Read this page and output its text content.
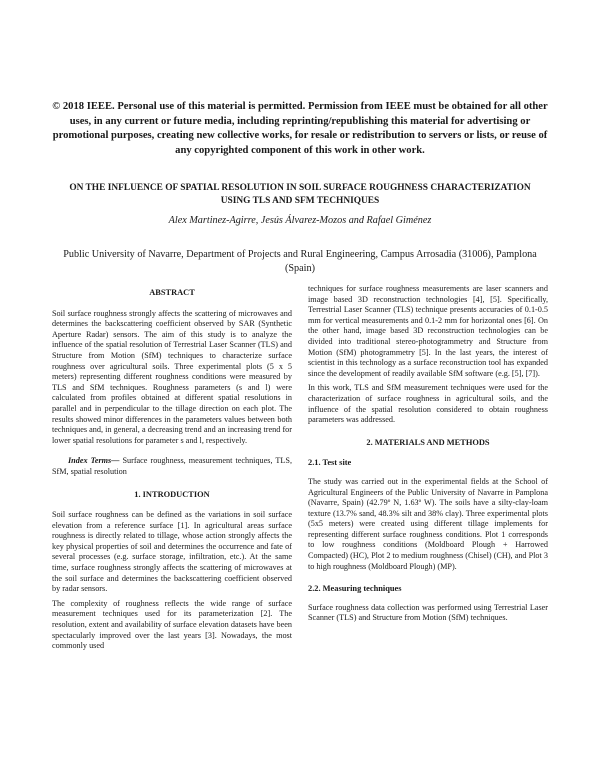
© 2018 IEEE. Personal use of this material is permitted. Permission from IEEE must be obtained for all other uses, in any current or future media, including reprinting/republishing this material for advertising or promotional purposes, creating new collective works, for resale or redistribution to servers or lists, or reuse of any copyrighted component of this work in other work.
ON THE INFLUENCE OF SPATIAL RESOLUTION IN SOIL SURFACE ROUGHNESS CHARACTERIZATION USING TLS AND SFM TECHNIQUES
Alex Martinez-Agirre, Jesús Álvarez-Mozos and Rafael Giménez
Public University of Navarre, Department of Projects and Rural Engineering, Campus Arrosadia (31006), Pamplona (Spain)
ABSTRACT

Soil surface roughness strongly affects the scattering of microwaves and determines the backscattering coefficient observed by SAR (Synthetic Aperture Radar) sensors. The aim of this study is to analyze the influence of the spatial resolution of Terrestrial Laser Scanner (TLS) and Structure from Motion (SfM) techniques to characterize surface roughness over agricultural soils. Three experimental plots (5 x 5 meters) representing different roughness conditions were measured by TLS and SfM techniques. Roughness parameters (s and l) were calculated from profiles obtained at different spatial resolutions in parallel and in perpendicular to the tillage direction on each plot. The results showed minor differences in the parameters values between both techniques and, in general, a decreasing trend and an increasing trend for lower spatial resolutions for parameter s and l, respectively.

Index Terms— Surface roughness, measurement techniques, TLS, SfM, spatial resolution

1. INTRODUCTION

Soil surface roughness can be defined as the variations in soil surface elevation from a reference surface [1]. In agricultural areas surface roughness is directly related to tillage, whose action strongly affects the key physical properties of soil and determines the occurrence and fate of several processes (e.g. surface storage, infiltration, etc.). At the same time, surface roughness strongly affects the scattering of microwaves at the soil surface and determines the backscattering coefficient observed by radar sensors.

The complexity of roughness reflects the wide range of surface measurement techniques used for its parameterization [2]. The resolution, extent and availability of surface elevation datasets have been spectacularly improved over the last years [3]. Nowadays, the most commonly used

techniques for surface roughness measurements are laser scanners and image based 3D reconstruction technologies [4], [5]. Specifically, Terrestrial Laser Scanner (TLS) technique presents accuracies of 0.1-0.5 mm for vertical measurements and 0.1-2 mm for horizontal ones [6]. On the other hand, image based 3D reconstruction technologies can be divided into traditional stereo-photogrammetry and Structure from Motion (SfM) photogrammetry [5]. In the last years, the interest of scientist in this technology as a surface reconstruction tool has expanded since the development of readily available SfM software (e.g. [5], [7]).

In this work, TLS and SfM measurement techniques were used for the characterization of surface roughness in agricultural soils, and the influence of the spatial resolution considered to obtain roughness parameters was addressed.

2. MATERIALS AND METHODS
2.1. Test site

The study was carried out in the experimental fields at the School of Agricultural Engineers of the Public University of Navarre in Pamplona (Navarre, Spain) (42.79º N, 1.63º W). The soils have a silty-clay-loam texture (13.7% sand, 48.3% silt and 38% clay). Three experimental plots (5x5 meters) were created using different tillage implements for representing different surface roughness conditions. Plot 1 corresponds to low roughness conditions (Moldboard Plough + Harrowed Compacted) (HC), Plot 2 to medium roughness (Chisel) (CH), and Plot 3 to high roughness (Moldboard Plough) (MP).

2.2. Measuring techniques

Surface roughness data collection was performed using Terrestrial Laser Scanner (TLS) and Structure from Motion (SfM) techniques.
